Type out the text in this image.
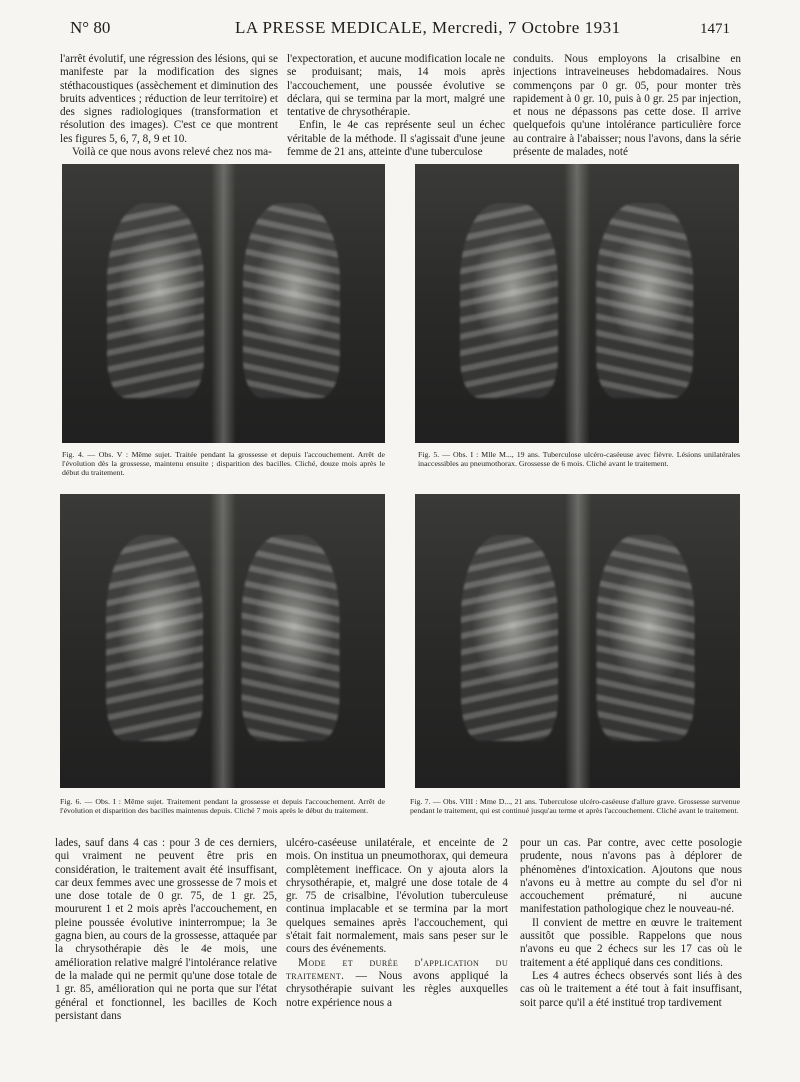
N° 80	LA PRESSE MEDICALE, Mercredi, 7 Octobre 1931	1471

l'arrêt évolutif, une régression des lésions, qui se manifeste par la modification des signes stéthacoustiques (assèchement et diminution des bruits adventices ; réduction de leur territoire) et des signes radiologiques (transformation et résolution des images). C'est ce que montrent les figures 5, 6, 7, 8, 9 et 10.

Voilà ce que nous avons relevé chez nos ma-

l'expectoration, et aucune modification locale ne se produisant; mais, 14 mois après l'accouchement, une poussée évolutive se déclara, qui se termina par la mort, malgré une tentative de chrysothérapie.

Enfin, le 4e cas représente seul un échec véritable de la méthode. Il s'agissait d'une jeune femme de 21 ans, atteinte d'une tuberculose

conduits. Nous employons la crisalbine en injections intraveineuses hebdomadaires. Nous commençons par 0 gr. 05, pour monter très rapidement à 0 gr. 10, puis à 0 gr. 25 par injection, et nous ne dépassons pas cette dose. Il arrive quelquefois qu'une intolérance particulière force au contraire à l'abaisser; nous l'avons, dans la série présente de malades, noté

Fig. 4. — Obs. V : Même sujet. Traitée pendant la grossesse et depuis l'accouchement. Arrêt de l'évolution dès la grossesse, maintenu ensuite ; disparition des bacilles. Cliché, douze mois après le début du traitement.
Fig. 5. — Obs. I : Mlle M..., 19 ans. Tuberculose ulcéro-caséeuse avec fièvre. Lésions unilatérales inaccessibles au pneumothorax. Grossesse de 6 mois. Cliché avant le traitement.
Fig. 6. — Obs. I : Même sujet. Traitement pendant la grossesse et depuis l'accouchement. Arrêt de l'évolution et disparition des bacilles maintenus depuis. Cliché 7 mois après le début du traitement.
Fig. 7. — Obs. VIII : Mme D..., 21 ans. Tuberculose ulcéro-caséeuse d'allure grave. Grossesse survenue pendant le traitement, qui est continué jusqu'au terme et après l'accouchement. Cliché avant le traitement.

lades, sauf dans 4 cas : pour 3 de ces derniers, qui vraiment ne peuvent être pris en considération, le traitement avait été insuffisant, car deux femmes avec une grossesse de 7 mois et une dose totale de 0 gr. 75, de 1 gr. 25, moururent 1 et 2 mois après l'accouchement, en pleine poussée évolutive ininterrompue; la 3e gagna bien, au cours de la grossesse, attaquée par la chrysothérapie dès le 4e mois, une amélioration relative malgré l'intolérance relative de la malade qui ne permit qu'une dose totale de 1 gr. 85, amélioration qui ne porta que sur l'état général et fonctionnel, les bacilles de Koch persistant dans

ulcéro-caséeuse unilatérale, et enceinte de 2 mois. On institua un pneumothorax, qui demeura complètement inefficace. On y ajouta alors la chrysothérapie, et, malgré une dose totale de 4 gr. 75 de crisalbine, l'évolution tuberculeuse continua implacable et se termina par la mort quelques semaines après l'accouchement, qui s'était fait normalement, mais sans peser sur le cours des événements.

Mode et durée d'application du traitement. — Nous avons appliqué la chrysothérapie suivant les règles auxquelles notre expérience nous a

pour un cas. Par contre, avec cette posologie prudente, nous n'avons pas à déplorer de phénomènes d'intoxication. Ajoutons que nous n'avons eu à mettre au compte du sel d'or ni accouchement prématuré, ni aucune manifestation pathologique chez le nouveau-né.

Il convient de mettre en œuvre le traitement aussitôt que possible. Rappelons que nous n'avons eu que 2 échecs sur les 17 cas où le traitement a été appliqué dans ces conditions.

Les 4 autres échecs observés sont liés à des cas où le traitement a été tout à fait insuffisant, soit parce qu'il a été institué trop tardivement
